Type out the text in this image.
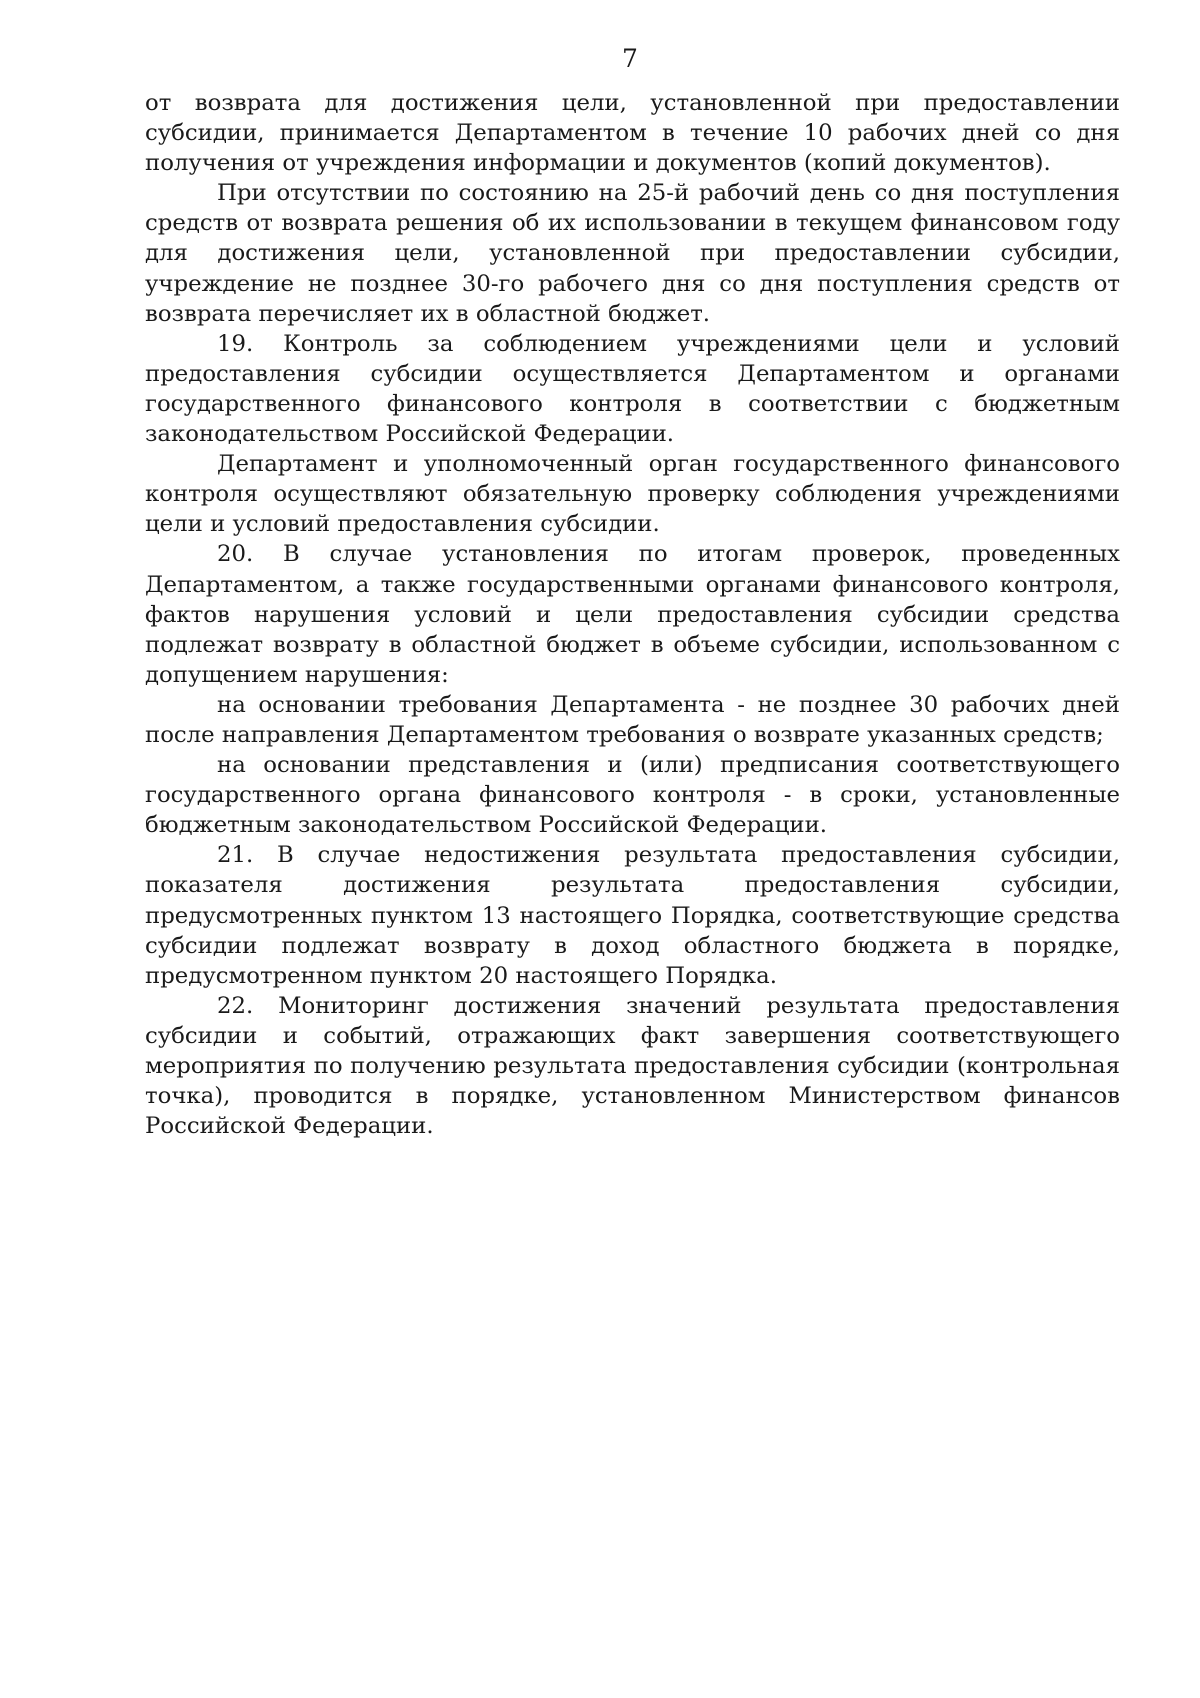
7

от возврата для достижения цели, установленной при предоставлении субсидии, принимается Департаментом в течение 10 рабочих дней со дня получения от учреждения информации и документов (копий документов).

При отсутствии по состоянию на 25-й рабочий день со дня поступления средств от возврата решения об их использовании в текущем финансовом году для достижения цели, установленной при предоставлении субсидии, учреждение не позднее 30-го рабочего дня со дня поступления средств от возврата перечисляет их в областной бюджет.

19. Контроль за соблюдением учреждениями цели и условий предоставления субсидии осуществляется Департаментом и органами государственного финансового контроля в соответствии с бюджетным законодательством Российской Федерации.

Департамент и уполномоченный орган государственного финансового контроля осуществляют обязательную проверку соблюдения учреждениями цели и условий предоставления субсидии.

20. В случае установления по итогам проверок, проведенных Департаментом, а также государственными органами финансового контроля, фактов нарушения условий и цели предоставления субсидии средства подлежат возврату в областной бюджет в объеме субсидии, использованном с допущением нарушения:

на основании требования Департамента - не позднее 30 рабочих дней после направления Департаментом требования о возврате указанных средств;

на основании представления и (или) предписания соответствующего государственного органа финансового контроля - в сроки, установленные бюджетным законодательством Российской Федерации.

21. В случае недостижения результата предоставления субсидии, показателя достижения результата предоставления субсидии, предусмотренных пунктом 13 настоящего Порядка, соответствующие средства субсидии подлежат возврату в доход областного бюджета в порядке, предусмотренном пунктом 20 настоящего Порядка.

22. Мониторинг достижения значений результата предоставления субсидии и событий, отражающих факт завершения соответствующего мероприятия по получению результата предоставления субсидии (контрольная точка), проводится в порядке, установленном Министерством финансов Российской Федерации.
